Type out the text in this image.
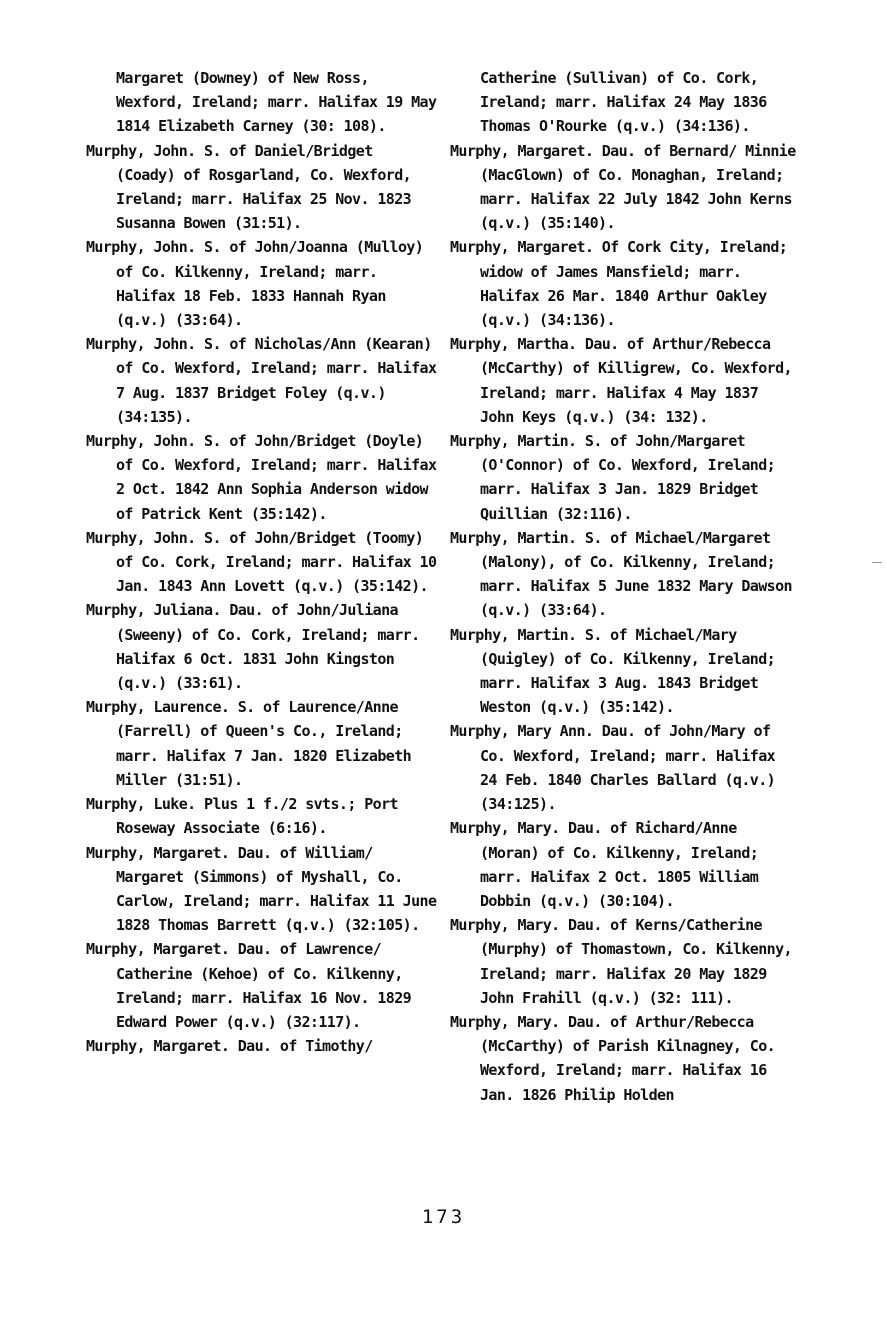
Margaret (Downey) of New Ross, Wexford, Ireland; marr. Halifax 19 May 1814 Elizabeth Carney (30: 108).

Murphy, John. S. of Daniel/Bridget (Coady) of Rosgarland, Co. Wexford, Ireland; marr. Halifax 25 Nov. 1823 Susanna Bowen (31:51).

Murphy, John. S. of John/Joanna (Mulloy) of Co. Kilkenny, Ireland; marr. Halifax 18 Feb. 1833 Hannah Ryan (q.v.) (33:64).

Murphy, John. S. of Nicholas/Ann (Kearan) of Co. Wexford, Ireland; marr. Halifax 7 Aug. 1837 Bridget Foley (q.v.) (34:135).

Murphy, John. S. of John/Bridget (Doyle) of Co. Wexford, Ireland; marr. Halifax 2 Oct. 1842 Ann Sophia Anderson widow of Patrick Kent (35:142).

Murphy, John. S. of John/Bridget (Toomy) of Co. Cork, Ireland; marr. Halifax 10 Jan. 1843 Ann Lovett (q.v.) (35:142).

Murphy, Juliana. Dau. of John/Juliana (Sweeny) of Co. Cork, Ireland; marr. Halifax 6 Oct. 1831 John Kingston (q.v.) (33:61).

Murphy, Laurence. S. of Laurence/Anne (Farrell) of Queen's Co., Ireland; marr. Halifax 7 Jan. 1820 Elizabeth Miller (31:51).

Murphy, Luke. Plus 1 f./2 svts.; Port Roseway Associate (6:16).

Murphy, Margaret. Dau. of William/ Margaret (Simmons) of Myshall, Co. Carlow, Ireland; marr. Halifax 11 June 1828 Thomas Barrett (q.v.) (32:105).

Murphy, Margaret. Dau. of Lawrence/ Catherine (Kehoe) of Co. Kilkenny, Ireland; marr. Halifax 16 Nov. 1829 Edward Power (q.v.) (32:117).

Murphy, Margaret. Dau. of Timothy/

Catherine (Sullivan) of Co. Cork, Ireland; marr. Halifax 24 May 1836 Thomas O'Rourke (q.v.) (34:136).

Murphy, Margaret. Dau. of Bernard/ Minnie (MacGlown) of Co. Monaghan, Ireland; marr. Halifax 22 July 1842 John Kerns (q.v.) (35:140).

Murphy, Margaret. Of Cork City, Ireland; widow of James Mansfield; marr. Halifax 26 Mar. 1840 Arthur Oakley (q.v.) (34:136).

Murphy, Martha. Dau. of Arthur/Rebecca (McCarthy) of Killigrew, Co. Wexford, Ireland; marr. Halifax 4 May 1837 John Keys (q.v.) (34: 132).

Murphy, Martin. S. of John/Margaret (O'Connor) of Co. Wexford, Ireland; marr. Halifax 3 Jan. 1829 Bridget Quillian (32:116).

Murphy, Martin. S. of Michael/Margaret (Malony), of Co. Kilkenny, Ireland; marr. Halifax 5 June 1832 Mary Dawson (q.v.) (33:64).

Murphy, Martin. S. of Michael/Mary (Quigley) of Co. Kilkenny, Ireland; marr. Halifax 3 Aug. 1843 Bridget Weston (q.v.) (35:142).

Murphy, Mary Ann. Dau. of John/Mary of Co. Wexford, Ireland; marr. Halifax 24 Feb. 1840 Charles Ballard (q.v.) (34:125).

Murphy, Mary. Dau. of Richard/Anne (Moran) of Co. Kilkenny, Ireland; marr. Halifax 2 Oct. 1805 William Dobbin (q.v.) (30:104).

Murphy, Mary. Dau. of Kerns/Catherine (Murphy) of Thomastown, Co. Kilkenny, Ireland; marr. Halifax 20 May 1829 John Frahill (q.v.) (32: 111).

Murphy, Mary. Dau. of Arthur/Rebecca (McCarthy) of Parish Kilnagney, Co. Wexford, Ireland; marr. Halifax 16 Jan. 1826 Philip Holden

173
